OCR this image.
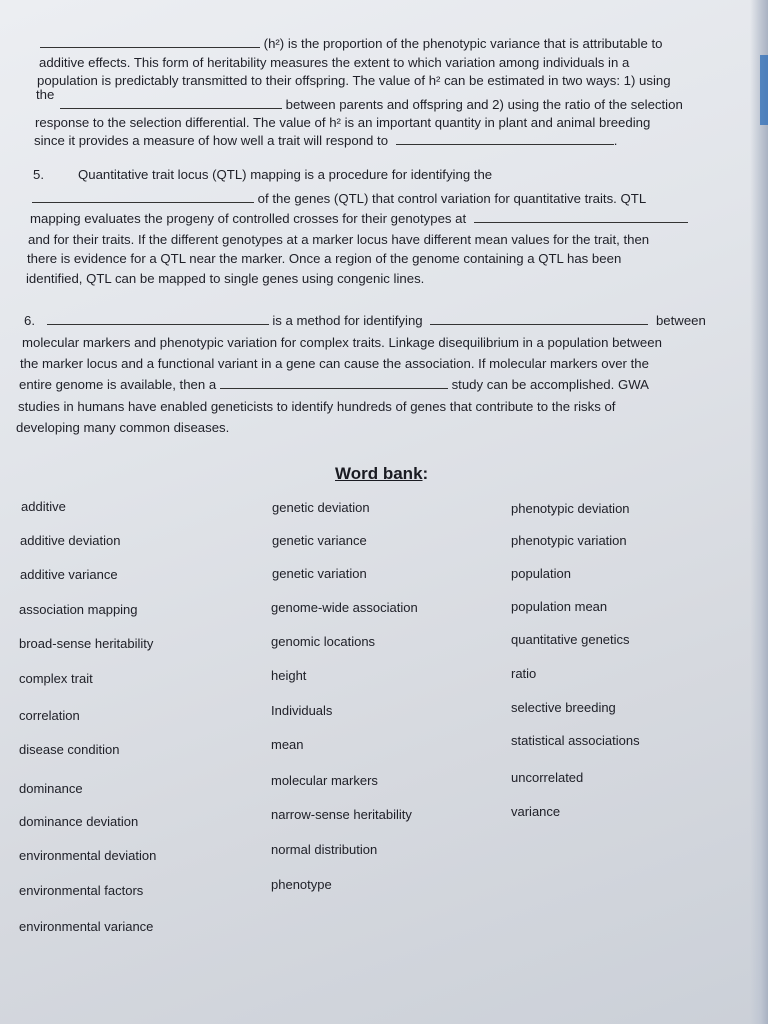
(h²) is the proportion of the phenotypic variance that is attributable to
additive effects. This form of heritability measures the extent to which variation among individuals in a
population is predictably transmitted to their offspring. The value of h² can be estimated in two ways: 1) using
the
between parents and offspring and 2) using the ratio of the selection
response to the selection differential. The value of h² is an important quantity in plant and animal breeding
since it provides a measure of how well a trait will respond to	.
5.	Quantitative trait locus (QTL) mapping is a procedure for identifying the
of the genes (QTL) that control variation for quantitative traits. QTL
mapping evaluates the progeny of controlled crosses for their genotypes at
and for their traits. If the different genotypes at a marker locus have different mean values for the trait, then
there is evidence for a QTL near the marker. Once a region of the genome containing a QTL has been
identified, QTL can be mapped to single genes using congenic lines.
6.	is a method for identifying	between
molecular markers and phenotypic variation for complex traits. Linkage disequilibrium in a population between
the marker locus and a functional variant in a gene can cause the association. If molecular markers over the
entire genome is available, then a	study can be accomplished. GWA
studies in humans have enabled geneticists to identify hundreds of genes that contribute to the risks of
developing many common diseases.
Word bank:
additive
additive deviation
additive variance
association mapping
broad-sense heritability
complex trait
correlation
disease condition
dominance
dominance deviation
environmental deviation
environmental factors
environmental variance
genetic deviation
genetic variance
genetic variation
genome-wide association
genomic locations
height
Individuals
mean
molecular markers
narrow-sense heritability
normal distribution
phenotype
phenotypic deviation
phenotypic variation
population
population mean
quantitative genetics
ratio
selective breeding
statistical associations
uncorrelated
variance
